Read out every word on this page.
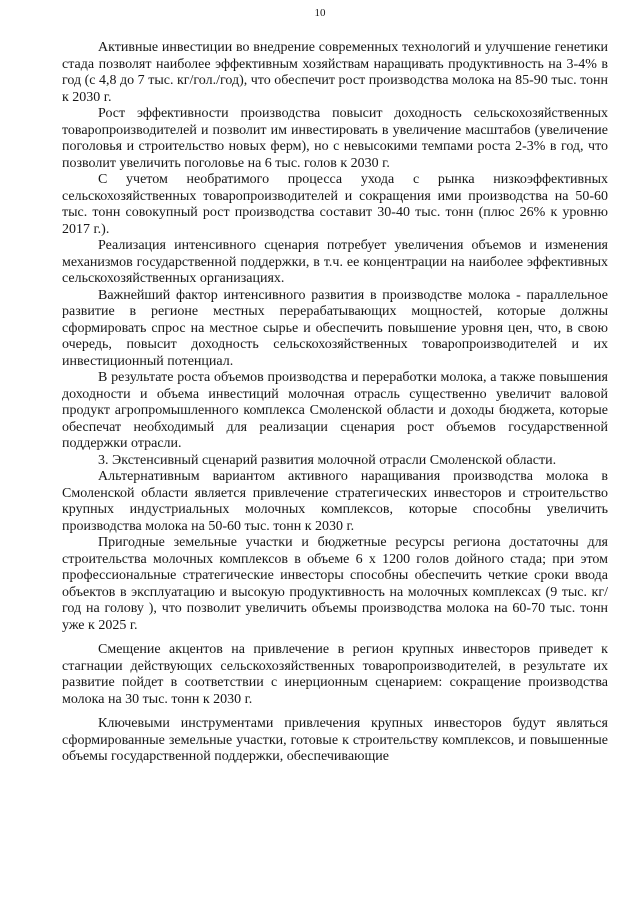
10

Активные инвестиции во внедрение современных технологий и улучшение генетики стада позволят наиболее эффективным хозяйствам наращивать продуктивность на 3-4% в год (с 4,8 до 7 тыс. кг/гол./год), что обеспечит рост производства молока на 85-90 тыс. тонн к 2030 г.

Рост эффективности производства повысит доходность сельскохозяйственных товаропроизводителей и позволит им инвестировать в увеличение масштабов (увеличение поголовья и строительство новых ферм), но с невысокими темпами роста 2-3% в год, что позволит увеличить поголовье на 6 тыс. голов к 2030 г.

С учетом необратимого процесса ухода с рынка низкоэффективных сельскохозяйственных товаропроизводителей и сокращения ими производства на 50-60 тыс. тонн совокупный рост производства составит 30-40 тыс. тонн (плюс 26% к уровню 2017 г.).

Реализация интенсивного сценария потребует увеличения объемов и изменения механизмов государственной поддержки, в т.ч. ее концентрации на наиболее эффективных сельскохозяйственных организациях.

Важнейший фактор интенсивного развития в производстве молока - параллельное развитие в регионе местных перерабатывающих мощностей, которые должны сформировать спрос на местное сырье и обеспечить повышение уровня цен, что, в свою очередь, повысит доходность сельскохозяйственных товаропроизводителей и их инвестиционный потенциал.

В результате роста объемов производства и переработки молока, а также повышения доходности и объема инвестиций молочная отрасль существенно увеличит валовой продукт агропромышленного комплекса Смоленской области и доходы бюджета, которые обеспечат необходимый для реализации сценария рост объемов государственной поддержки отрасли.

3. Экстенсивный сценарий развития молочной отрасли Смоленской области.

Альтернативным вариантом активного наращивания производства молока в Смоленской области является привлечение стратегических инвесторов и строительство крупных индустриальных молочных комплексов, которые способны увеличить производства молока на 50-60 тыс. тонн к 2030 г.

Пригодные земельные участки и бюджетные ресурсы региона достаточны для строительства молочных комплексов в объеме 6 х 1200 голов дойного стада; при этом профессиональные стратегические инвесторы способны обеспечить четкие сроки ввода объектов в эксплуатацию и высокую продуктивность на молочных комплексах (9 тыс. кг/год на голову ), что позволит увеличить объемы производства молока на 60-70 тыс. тонн уже к 2025 г.

Смещение акцентов на привлечение в регион крупных инвесторов приведет к стагнации действующих сельскохозяйственных товаропроизводителей, в результате их развитие пойдет в соответствии с инерционным сценарием: сокращение производства молока на 30 тыс. тонн к 2030 г.

Ключевыми инструментами привлечения крупных инвесторов будут являться сформированные земельные участки, готовые к строительству комплексов, и повышенные объемы государственной поддержки, обеспечивающие
